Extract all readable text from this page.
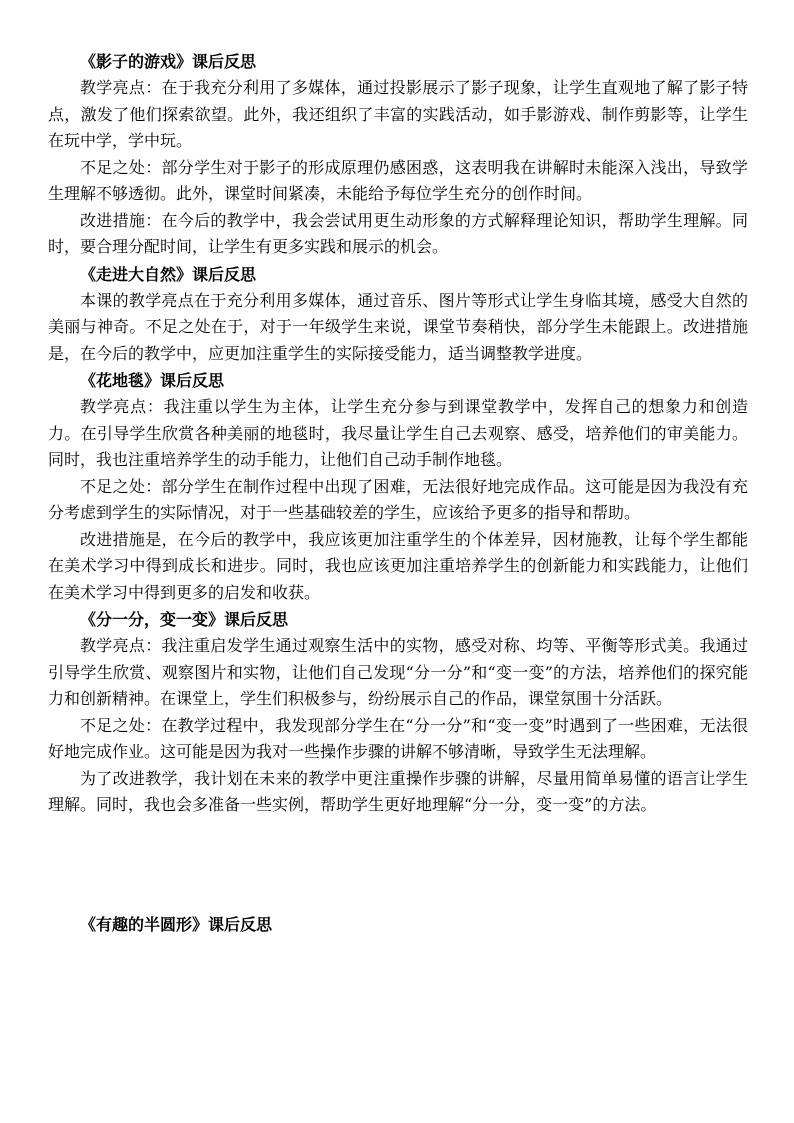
《影子的游戏》课后反思

教学亮点：在于我充分利用了多媒体，通过投影展示了影子现象，让学生直观地了解了影子特点，激发了他们探索欲望。此外，我还组织了丰富的实践活动，如手影游戏、制作剪影等，让学生在玩中学，学中玩。

不足之处：部分学生对于影子的形成原理仍感困惑，这表明我在讲解时未能深入浅出，导致学生理解不够透彻。此外，课堂时间紧凑，未能给予每位学生充分的创作时间。

改进措施：在今后的教学中，我会尝试用更生动形象的方式解释理论知识，帮助学生理解。同时，要合理分配时间，让学生有更多实践和展示的机会。

《走进大自然》课后反思

本课的教学亮点在于充分利用多媒体，通过音乐、图片等形式让学生身临其境，感受大自然的美丽与神奇。不足之处在于，对于一年级学生来说，课堂节奏稍快，部分学生未能跟上。改进措施是，在今后的教学中，应更加注重学生的实际接受能力，适当调整教学进度。

《花地毯》课后反思

教学亮点：我注重以学生为主体，让学生充分参与到课堂教学中，发挥自己的想象力和创造力。在引导学生欣赏各种美丽的地毯时，我尽量让学生自己去观察、感受，培养他们的审美能力。同时，我也注重培养学生的动手能力，让他们自己动手制作地毯。

不足之处：部分学生在制作过程中出现了困难，无法很好地完成作品。这可能是因为我没有充分考虑到学生的实际情况，对于一些基础较差的学生，应该给予更多的指导和帮助。

改进措施是，在今后的教学中，我应该更加注重学生的个体差异，因材施教，让每个学生都能在美术学习中得到成长和进步。同时，我也应该更加注重培养学生的创新能力和实践能力，让他们在美术学习中得到更多的启发和收获。

《分一分，变一变》课后反思

教学亮点：我注重启发学生通过观察生活中的实物，感受对称、均等、平衡等形式美。我通过引导学生欣赏、观察图片和实物，让他们自己发现“分一分”和“变一变”的方法，培养他们的探究能力和创新精神。在课堂上，学生们积极参与，纷纷展示自己的作品，课堂氛围十分活跃。

不足之处：在教学过程中，我发现部分学生在“分一分”和“变一变”时遇到了一些困难，无法很好地完成作业。这可能是因为我对一些操作步骤的讲解不够清晰，导致学生无法理解。

为了改进教学，我计划在未来的教学中更注重操作步骤的讲解，尽量用简单易懂的语言让学生理解。同时，我也会多准备一些实例，帮助学生更好地理解“分一分，变一变”的方法。

《有趣的半圆形》课后反思
